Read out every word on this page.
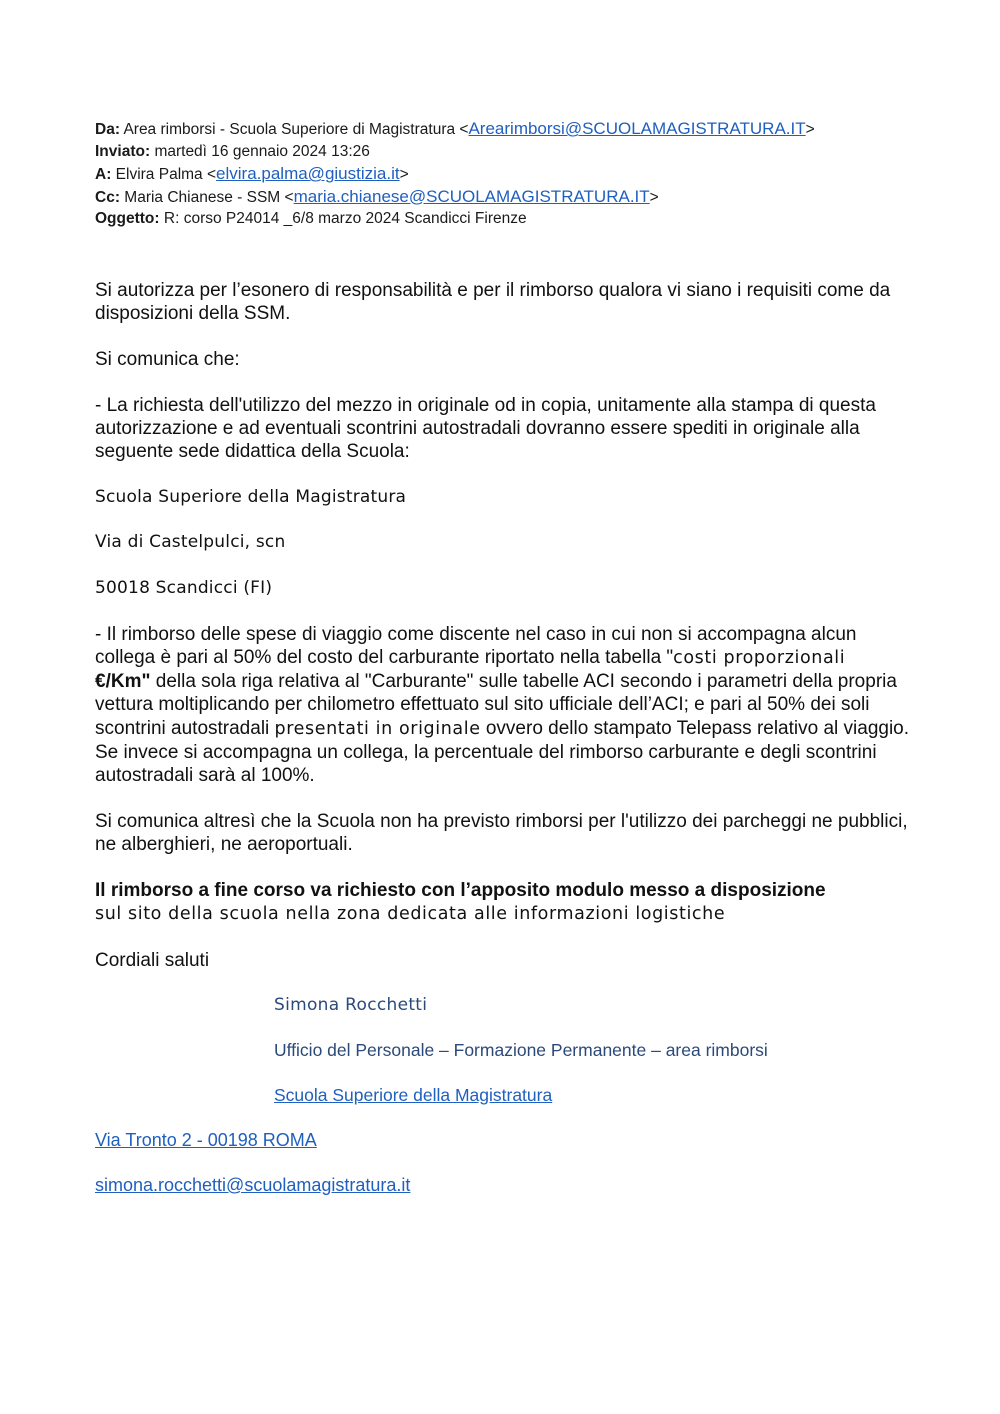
Da: Area rimborsi - Scuola Superiore di Magistratura <Arearimborsi@SCUOLAMAGISTRATURA.IT>
Inviato: martedì 16 gennaio 2024 13:26
A: Elvira Palma <elvira.palma@giustizia.it>
Cc: Maria Chianese - SSM <maria.chianese@SCUOLAMAGISTRATURA.IT>
Oggetto: R: corso P24014 _6/8 marzo 2024 Scandicci Firenze

Si autorizza per l’esonero di responsabilità e per il rimborso qualora vi siano i requisiti come da disposizioni della SSM.

Si comunica che:

- La richiesta dell'utilizzo del mezzo in originale od in copia, unitamente alla stampa di questa autorizzazione e ad eventuali scontrini autostradali dovranno essere spediti in originale alla seguente sede didattica della Scuola:

Scuola Superiore della Magistratura

Via di Castelpulci, scn

50018 Scandicci (FI)

- Il rimborso delle spese di viaggio come discente nel caso in cui non si accompagna alcun collega è pari al 50% del costo del carburante riportato nella tabella "costi proporzionali
€/Km" della sola riga relativa al "Carburante" sulle tabelle ACI secondo i parametri della propria vettura moltiplicando per chilometro effettuato sul sito ufficiale dell’ACI; e pari al 50% dei soli scontrini autostradali presentati in originale ovvero dello stampato Telepass relativo al viaggio. Se invece si accompagna un collega, la percentuale del rimborso carburante e degli scontrini autostradali sarà al 100%.

Si comunica altresì che la Scuola non ha previsto rimborsi per l'utilizzo dei parcheggi ne pubblici, ne alberghieri, ne aeroportuali.

Il rimborso a fine corso va richiesto con l’apposito modulo messo a disposizione
sul sito della scuola nella zona dedicata alle informazioni logistiche

Cordiali saluti

Simona Rocchetti
Ufficio del Personale – Formazione Permanente – area rimborsi
Scuola Superiore della Magistratura
Via Tronto 2 - 00198 ROMA
simona.rocchetti@scuolamagistratura.it
